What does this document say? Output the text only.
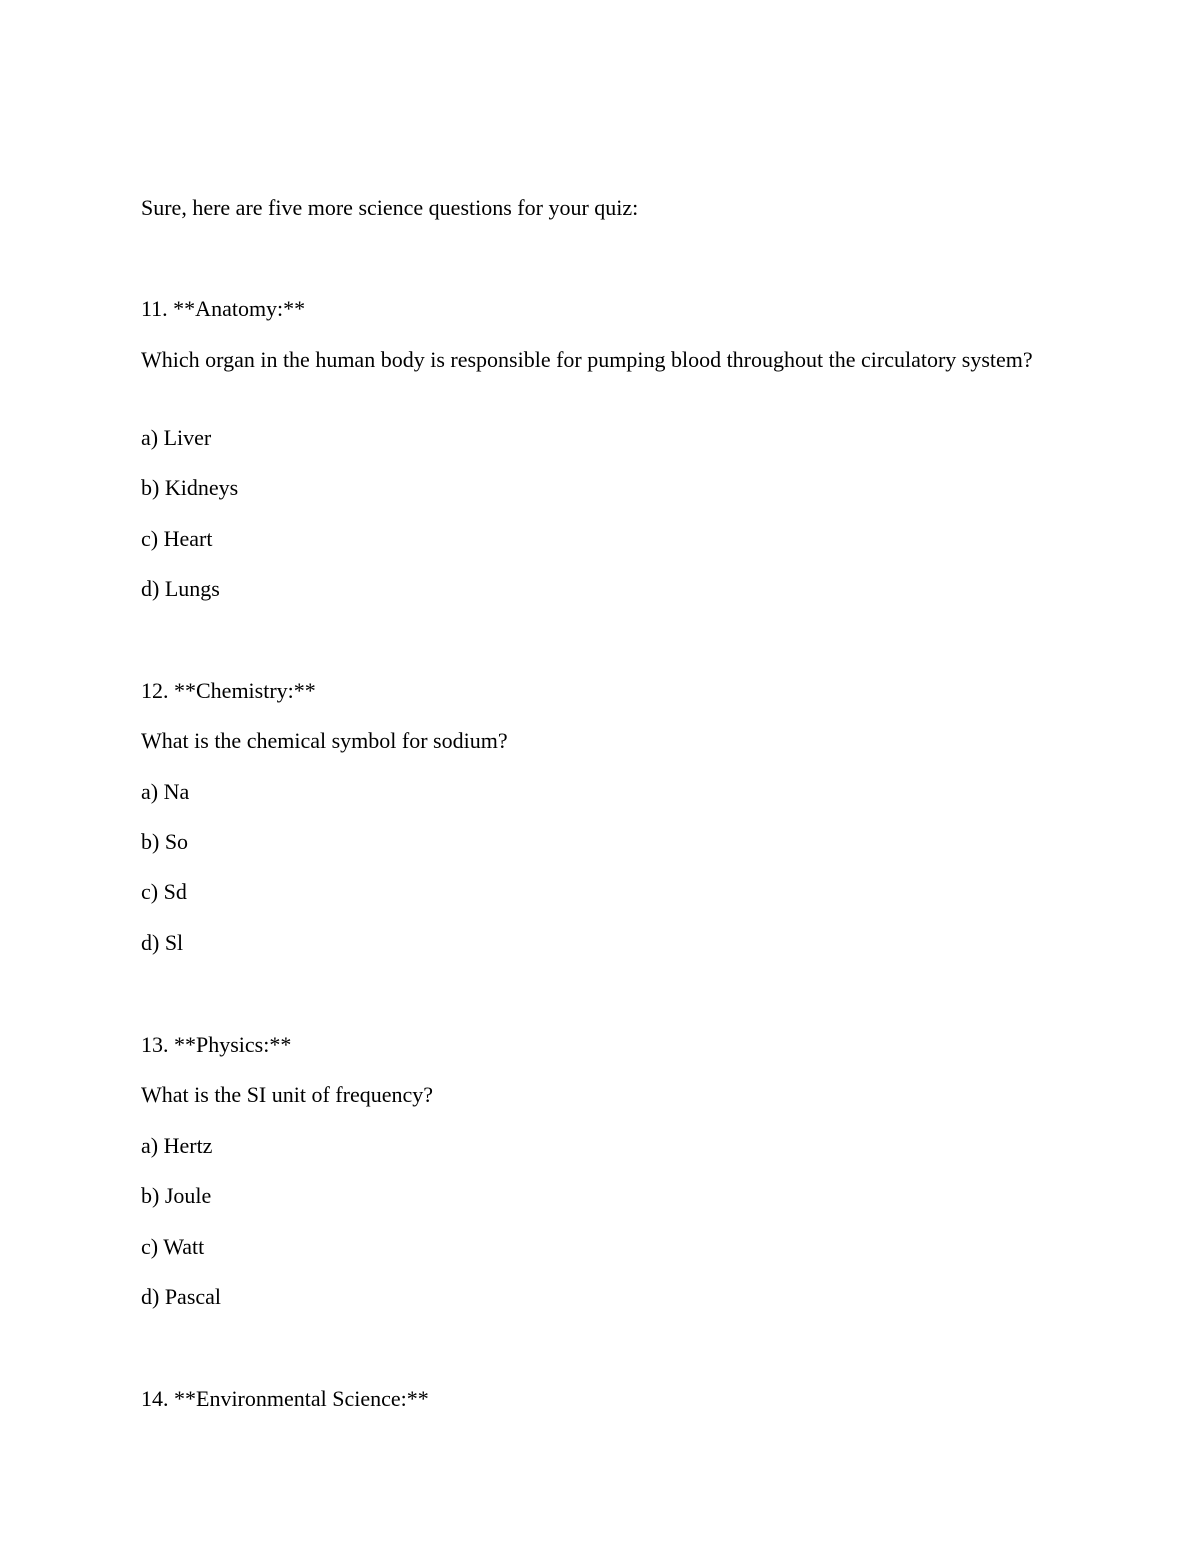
Sure, here are five more science questions for your quiz:

11. **Anatomy:**

Which organ in the human body is responsible for pumping blood throughout the circulatory system?

a) Liver

b) Kidneys

c) Heart

d) Lungs

12. **Chemistry:**

What is the chemical symbol for sodium?

a) Na

b) So

c) Sd

d) Sl

13. **Physics:**

What is the SI unit of frequency?

a) Hertz

b) Joule

c) Watt

d) Pascal

14. **Environmental Science:**
